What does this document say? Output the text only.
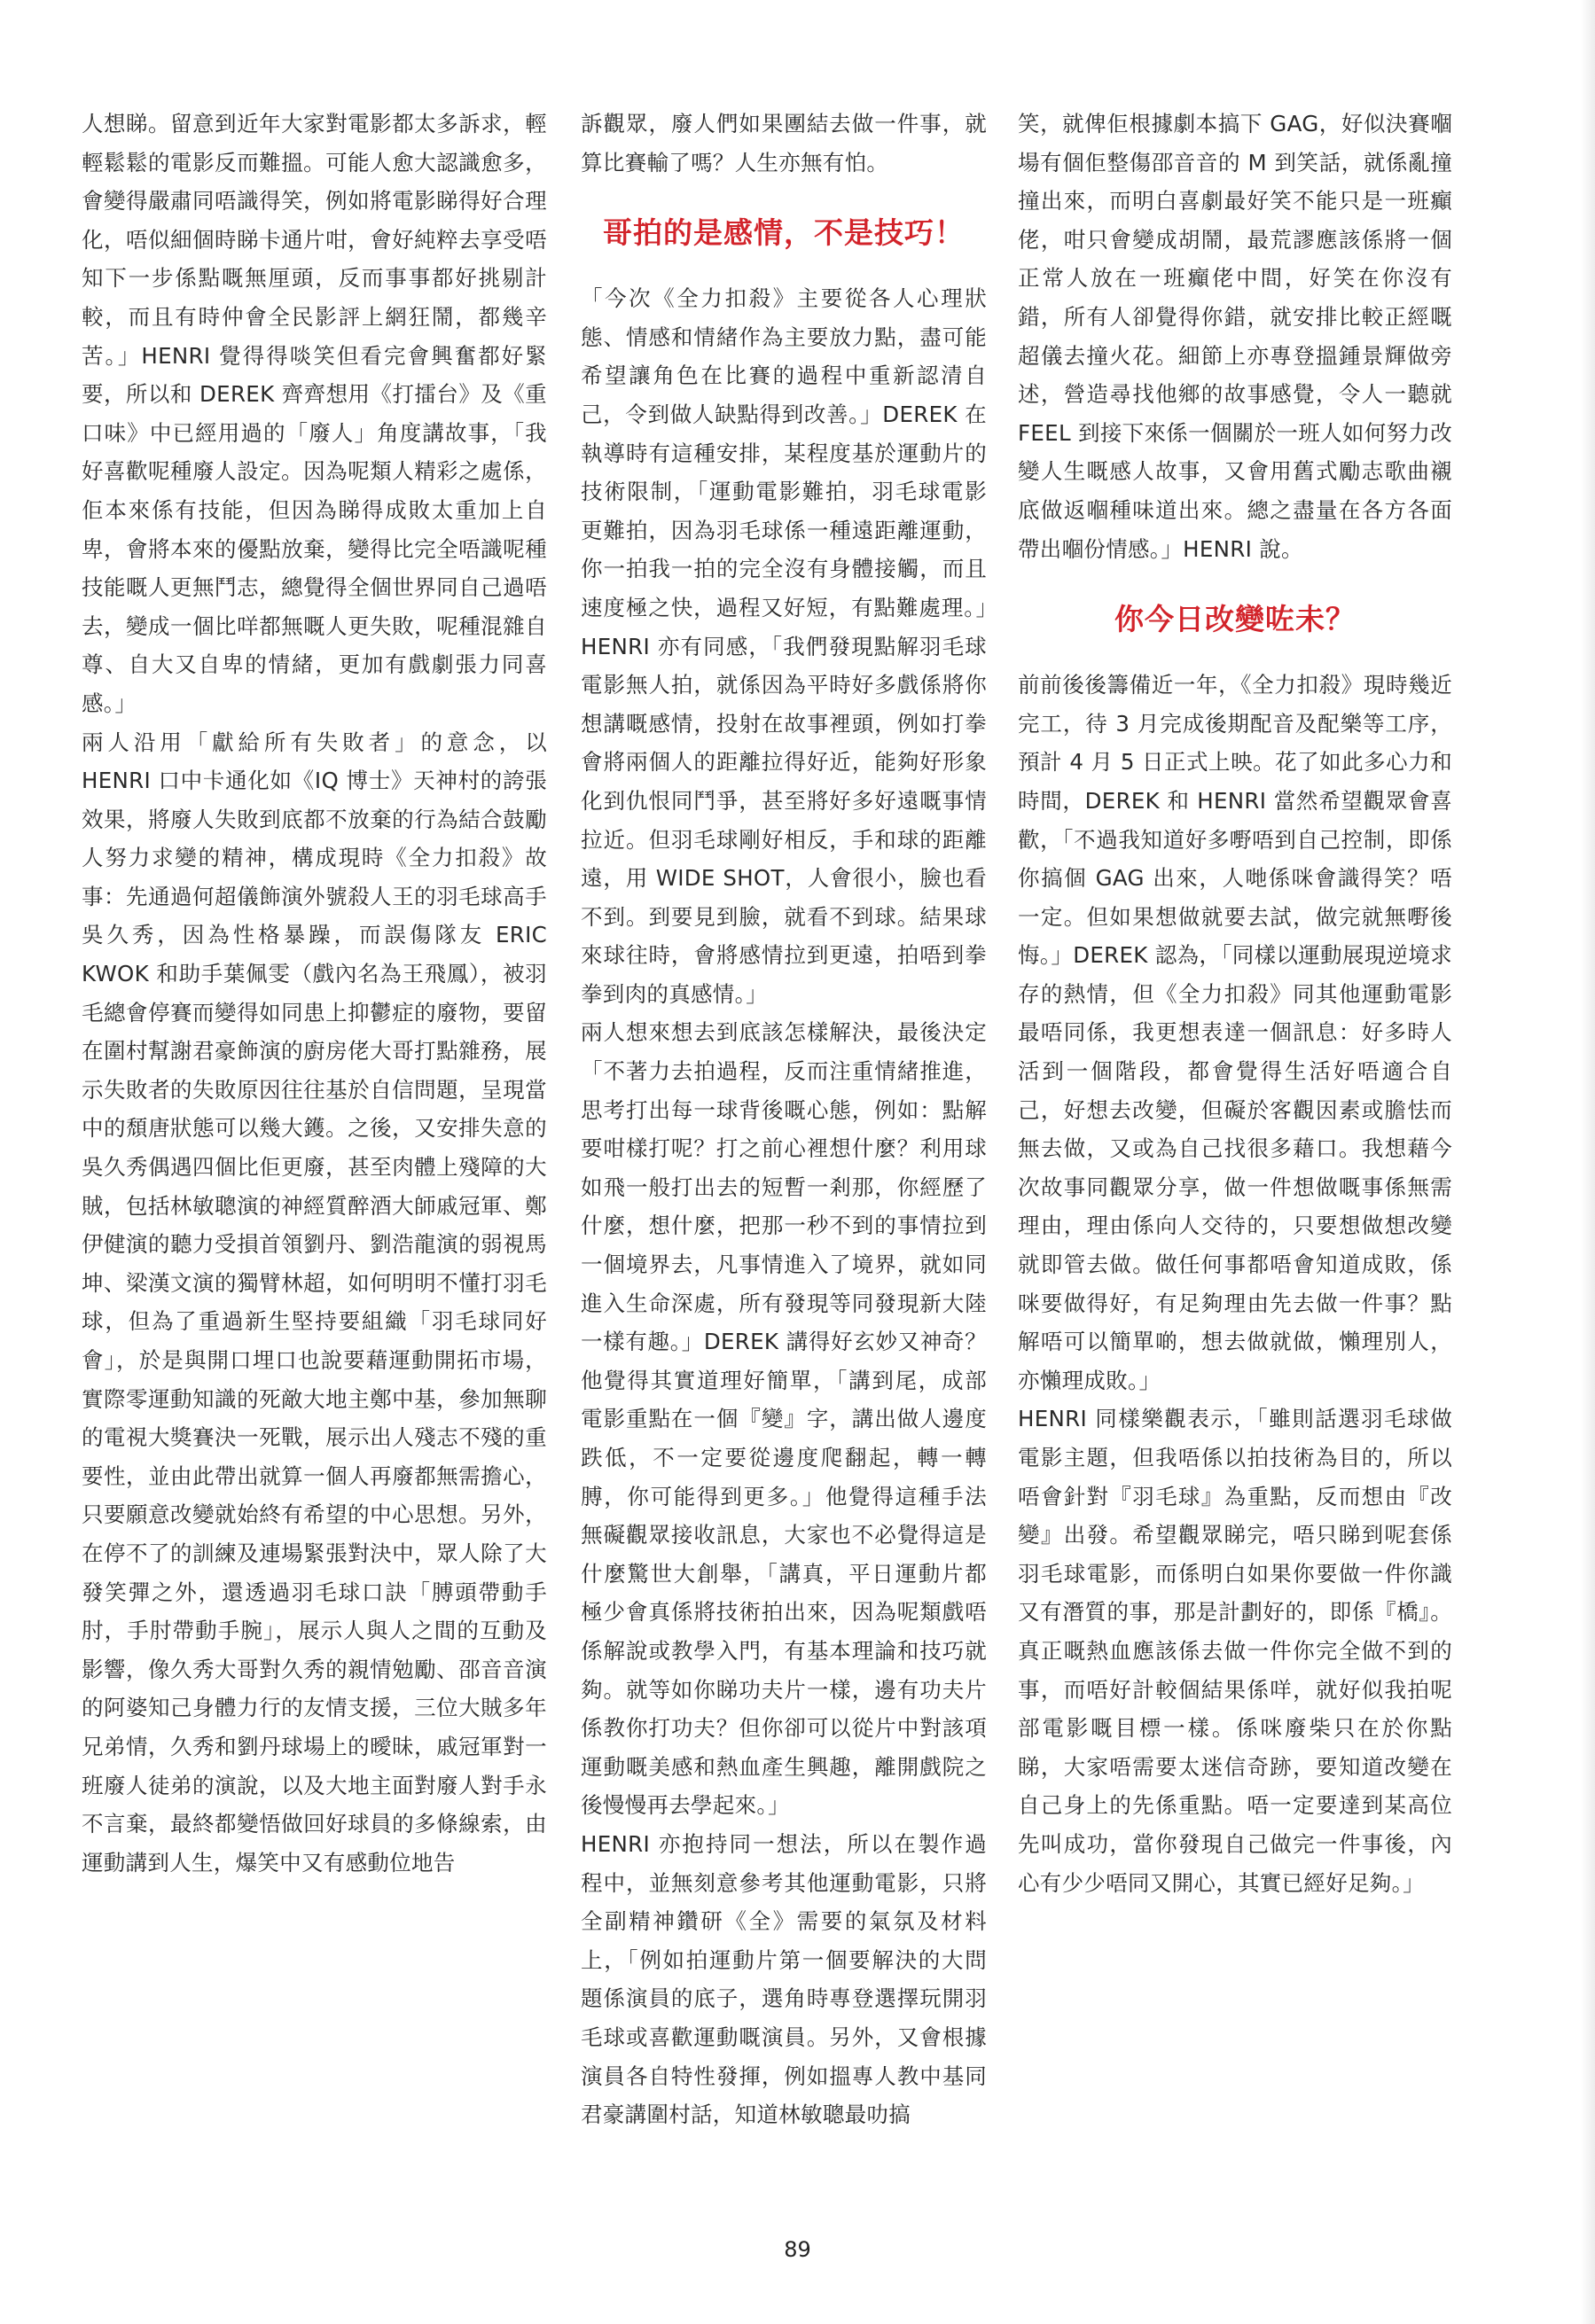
人想睇。留意到近年大家對電影都太多訴求，輕輕鬆鬆的電影反而難搵。可能人愈大認識愈多，會變得嚴肅同唔識得笑，例如將電影睇得好合理化，唔似細個時睇卡通片咁，會好純粹去享受唔知下一步係點嘅無厘頭，反而事事都好挑剔計較，而且有時仲會全民影評上網狂鬧，都幾辛苦。」HENRI 覺得得啖笑但看完會興奮都好緊要，所以和 DEREK 齊齊想用《打擂台》及《重口味》中已經用過的「廢人」角度講故事，「我好喜歡呢種廢人設定。因為呢類人精彩之處係，佢本來係有技能，但因為睇得成敗太重加上自卑，會將本來的優點放棄，變得比完全唔識呢種技能嘅人更無鬥志，總覺得全個世界同自己過唔去，變成一個比咩都無嘅人更失敗，呢種混雜自尊、自大又自卑的情緒，更加有戲劇張力同喜感。」

兩人沿用「獻給所有失敗者」的意念，以 HENRI 口中卡通化如《IQ 博士》天神村的誇張效果，將廢人失敗到底都不放棄的行為結合鼓勵人努力求變的精神，構成現時《全力扣殺》故事：先通過何超儀飾演外號殺人王的羽毛球高手吳久秀，因為性格暴躁，而誤傷隊友 ERIC KWOK 和助手葉佩雯（戲內名為王飛鳳），被羽毛總會停賽而變得如同患上抑鬱症的廢物，要留在圍村幫謝君豪飾演的廚房佬大哥打點雜務，展示失敗者的失敗原因往往基於自信問題，呈現當中的頹唐狀態可以幾大鑊。之後，又安排失意的吳久秀偶遇四個比佢更廢，甚至肉體上殘障的大賊，包括林敏聰演的神經質醉酒大師戚冠軍、鄭伊健演的聽力受損首領劉丹、劉浩龍演的弱視馬坤、梁漢文演的獨臂林超，如何明明不懂打羽毛球，但為了重過新生堅持要組織「羽毛球同好會」，於是與開口埋口也說要藉運動開拓市場，實際零運動知識的死敵大地主鄭中基，參加無聊的電視大獎賽決一死戰，展示出人殘志不殘的重要性，並由此帶出就算一個人再廢都無需擔心，只要願意改變就始終有希望的中心思想。另外，在停不了的訓練及連場緊張對決中，眾人除了大發笑彈之外，還透過羽毛球口訣「膊頭帶動手肘，手肘帶動手腕」，展示人與人之間的互動及影響，像久秀大哥對久秀的親情勉勵、邵音音演的阿婆知己身體力行的友情支援，三位大賊多年兄弟情，久秀和劉丹球場上的曖昧，戚冠軍對一班廢人徒弟的演說，以及大地主面對廢人對手永不言棄，最終都變悟做回好球員的多條線索，由運動講到人生，爆笑中又有感動位地告

訴觀眾，廢人們如果團結去做一件事，就算比賽輸了嗎？人生亦無有怕。

哥拍的是感情，不是技巧！

「今次《全力扣殺》主要從各人心理狀態、情感和情緒作為主要放力點，盡可能希望讓角色在比賽的過程中重新認清自己，令到做人缺點得到改善。」DEREK 在執導時有這種安排，某程度基於運動片的技術限制，「運動電影難拍，羽毛球電影更難拍，因為羽毛球係一種遠距離運動，你一拍我一拍的完全沒有身體接觸，而且速度極之快，過程又好短，有點難處理。」HENRI 亦有同感，「我們發現點解羽毛球電影無人拍，就係因為平時好多戲係將你想講嘅感情，投射在故事裡頭，例如打拳會將兩個人的距離拉得好近，能夠好形象化到仇恨同鬥爭，甚至將好多好遠嘅事情拉近。但羽毛球剛好相反，手和球的距離遠，用 WIDE SHOT，人會很小，臉也看不到。到要見到臉，就看不到球。結果球來球往時，會將感情拉到更遠，拍唔到拳拳到肉的真感情。」

兩人想來想去到底該怎樣解決，最後決定「不著力去拍過程，反而注重情緒推進，思考打出每一球背後嘅心態，例如：點解要咁樣打呢？打之前心裡想什麼？利用球如飛一般打出去的短暫一剎那，你經歷了什麼，想什麼，把那一秒不到的事情拉到一個境界去，凡事情進入了境界，就如同進入生命深處，所有發現等同發現新大陸一樣有趣。」DEREK 講得好玄妙又神奇？他覺得其實道理好簡單，「講到尾，成部電影重點在一個『變』字，講出做人邊度跌低，不一定要從邊度爬翻起，轉一轉膊，你可能得到更多。」他覺得這種手法無礙觀眾接收訊息，大家也不必覺得這是什麼驚世大創舉，「講真，平日運動片都極少會真係將技術拍出來，因為呢類戲唔係解說或教學入門，有基本理論和技巧就夠。就等如你睇功夫片一樣，邊有功夫片係教你打功夫？但你卻可以從片中對該項運動嘅美感和熱血產生興趣，離開戲院之後慢慢再去學起來。」

HENRI 亦抱持同一想法，所以在製作過程中，並無刻意參考其他運動電影，只將全副精神鑽研《全》需要的氣氛及材料上，「例如拍運動片第一個要解決的大問題係演員的底子，選角時專登選擇玩開羽毛球或喜歡運動嘅演員。另外，又會根據演員各自特性發揮，例如搵專人教中基同君豪講圍村話，知道林敏聰最叻搞

笑，就俾佢根據劇本搞下 GAG，好似決賽嗰場有個佢整傷邵音音的 M 到笑話，就係亂撞撞出來，而明白喜劇最好笑不能只是一班癲佬，咁只會變成胡鬧，最荒謬應該係將一個正常人放在一班癲佬中間，好笑在你沒有錯，所有人卻覺得你錯，就安排比較正經嘅超儀去撞火花。細節上亦專登搵鍾景輝做旁述，營造尋找他鄉的故事感覺，令人一聽就 FEEL 到接下來係一個關於一班人如何努力改變人生嘅感人故事，又會用舊式勵志歌曲襯底做返嗰種味道出來。總之盡量在各方各面帶出嗰份情感。」HENRI 說。

你今日改變咗未？

前前後後籌備近一年，《全力扣殺》現時幾近完工，待 3 月完成後期配音及配樂等工序，預計 4 月 5 日正式上映。花了如此多心力和時間，DEREK 和 HENRI 當然希望觀眾會喜歡，「不過我知道好多嘢唔到自己控制，即係你搞個 GAG 出來，人哋係咪會識得笑？唔一定。但如果想做就要去試，做完就無嘢後悔。」DEREK 認為，「同樣以運動展現逆境求存的熱情，但《全力扣殺》同其他運動電影最唔同係，我更想表達一個訊息：好多時人活到一個階段，都會覺得生活好唔適合自己，好想去改變，但礙於客觀因素或膽怯而無去做，又或為自己找很多藉口。我想藉今次故事同觀眾分享，做一件想做嘅事係無需理由，理由係向人交待的，只要想做想改變就即管去做。做任何事都唔會知道成敗，係咪要做得好，有足夠理由先去做一件事？點解唔可以簡單啲，想去做就做，懶理別人，亦懶理成敗。」

HENRI 同樣樂觀表示，「雖則話選羽毛球做電影主題，但我唔係以拍技術為目的，所以唔會針對『羽毛球』為重點，反而想由『改變』出發。希望觀眾睇完，唔只睇到呢套係羽毛球電影，而係明白如果你要做一件你識又有潛質的事，那是計劃好的，即係『橋』。真正嘅熱血應該係去做一件你完全做不到的事，而唔好計較個結果係咩，就好似我拍呢部電影嘅目標一樣。係咪廢柴只在於你點睇，大家唔需要太迷信奇跡，要知道改變在自己身上的先係重點。唔一定要達到某高位先叫成功，當你發現自己做完一件事後，內心有少少唔同又開心，其實已經好足夠。」

89
